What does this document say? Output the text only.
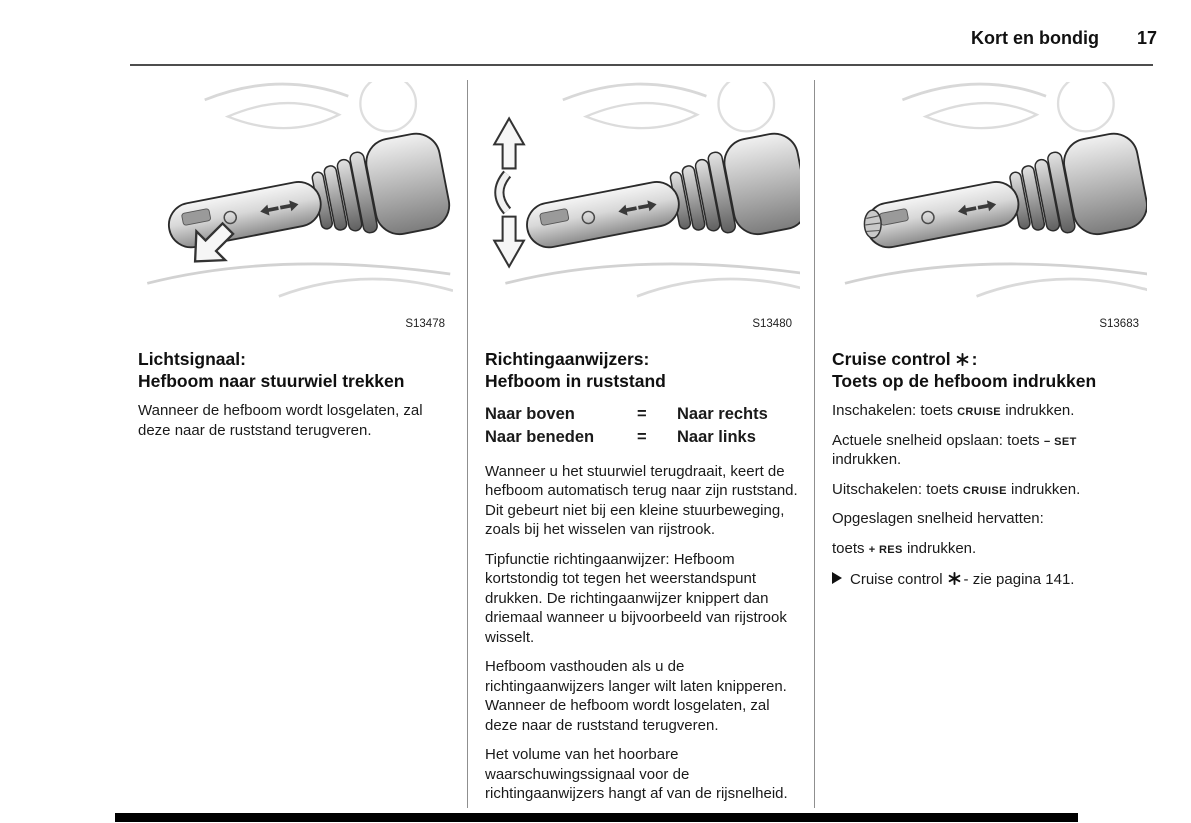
Kort en bondig 17
S13478
Lichtsignaal:
Hefboom naar stuurwiel trekken

Wanneer de hefboom wordt losgelaten, zal deze naar de ruststand terugveren.

S13480
Richtingaanwijzers:
Hefboom in ruststand
Naar boven	=	Naar rechts
Naar beneden	=	Naar links

Wanneer u het stuurwiel terugdraait, keert de hefboom automatisch terug naar zijn ruststand. Dit gebeurt niet bij een kleine stuurbeweging, zoals bij het wisselen van rijstrook.

Tipfunctie richtingaanwijzer: Hefboom kortstondig tot tegen het weerstandspunt drukken. De richtingaanwijzer knippert dan driemaal wanneer u bijvoorbeeld van rijstrook wisselt.

Hefboom vasthouden als u de richtingaanwijzers langer wilt laten knipperen. Wanneer de hefboom wordt losgelaten, zal deze naar de ruststand terugveren.

Het volume van het hoorbare waarschuwingssignaal voor de richtingaanwijzers hangt af van de rijsnelheid.

S13683
Cruise control :
Toets op de hefboom indrukken

Inschakelen: toets CRUISE indrukken.

Actuele snelheid opslaan: toets − SET indrukken.

Uitschakelen: toets CRUISE indrukken.

Opgeslagen snelheid hervatten:

toets + RES indrukken.

Cruise control - zie pagina 141.
